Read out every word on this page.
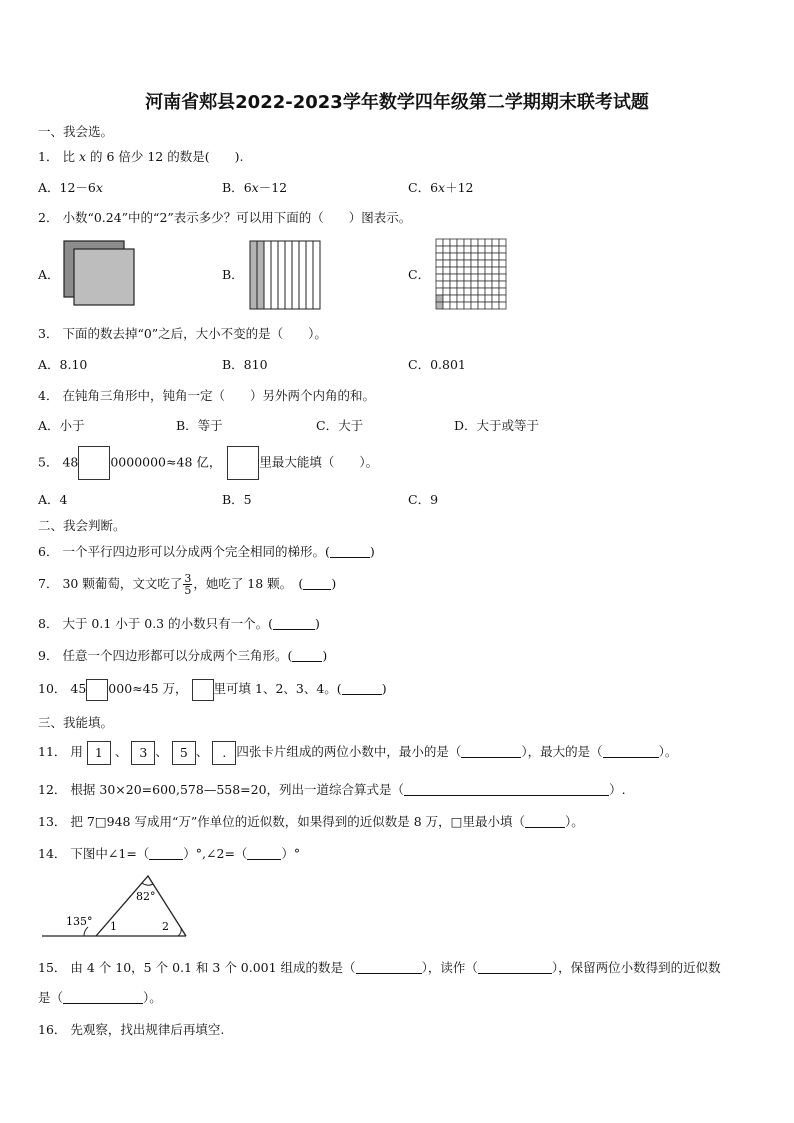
河南省郏县2022-2023学年数学四年级第二学期期末联考试题
一、我会选。
1． 比 x 的 6 倍少 12 的数是(　　).
A．12－6x	B．6x－12	C．6x＋12
2． 小数“0.24”中的“2”表示多少？可以用下面的（　　）图表示。
A．	B．	C．
3． 下面的数去掉“0”之后，大小不变的是（　　）。
A．8.10	B．810	C．0.801
4． 在钝角三角形中，钝角一定（　　）另外两个内角的和。
A．小于	B．等于	C．大于	D．大于或等于
5． 48	0000000≈48 亿，	里最大能填（　　）。
A．4	B．5	C．9
二、我会判断。
6． 一个平行四边形可以分成两个完全相同的梯形。(	)
7． 30 颗葡萄，文文吃了 $\frac{3}{5}$ ，她吃了 18 颗。　( )
8． 大于 0.1 小于 0.3 的小数只有一个。(	)
9． 任意一个四边形都可以分成两个三角形。( )
10． 45 000≈45 万， 里可填 1、2、3、4。(	)
三、我能填。
11． 用 1 、 3 、 5 、 . 四张卡片组成的两位小数中，最小的是（	），最大的是（	）。
12． 根据 30×20=600,578—558=20，列出一道综合算式是（	）.
13． 把 7□948 写成用“万”作单位的近似数，如果得到的近似数是 8 万，□里最小填（	）。
14． 下图中∠1=（	）°,∠2=（	）°
135°
82°
1	2
15． 由 4 个 10，5 个 0.1 和 3 个 0.001 组成的数是（	），读作（	），保留两位小数得到的近似数
是（	）。
16． 先观察，找出规律后再填空.
